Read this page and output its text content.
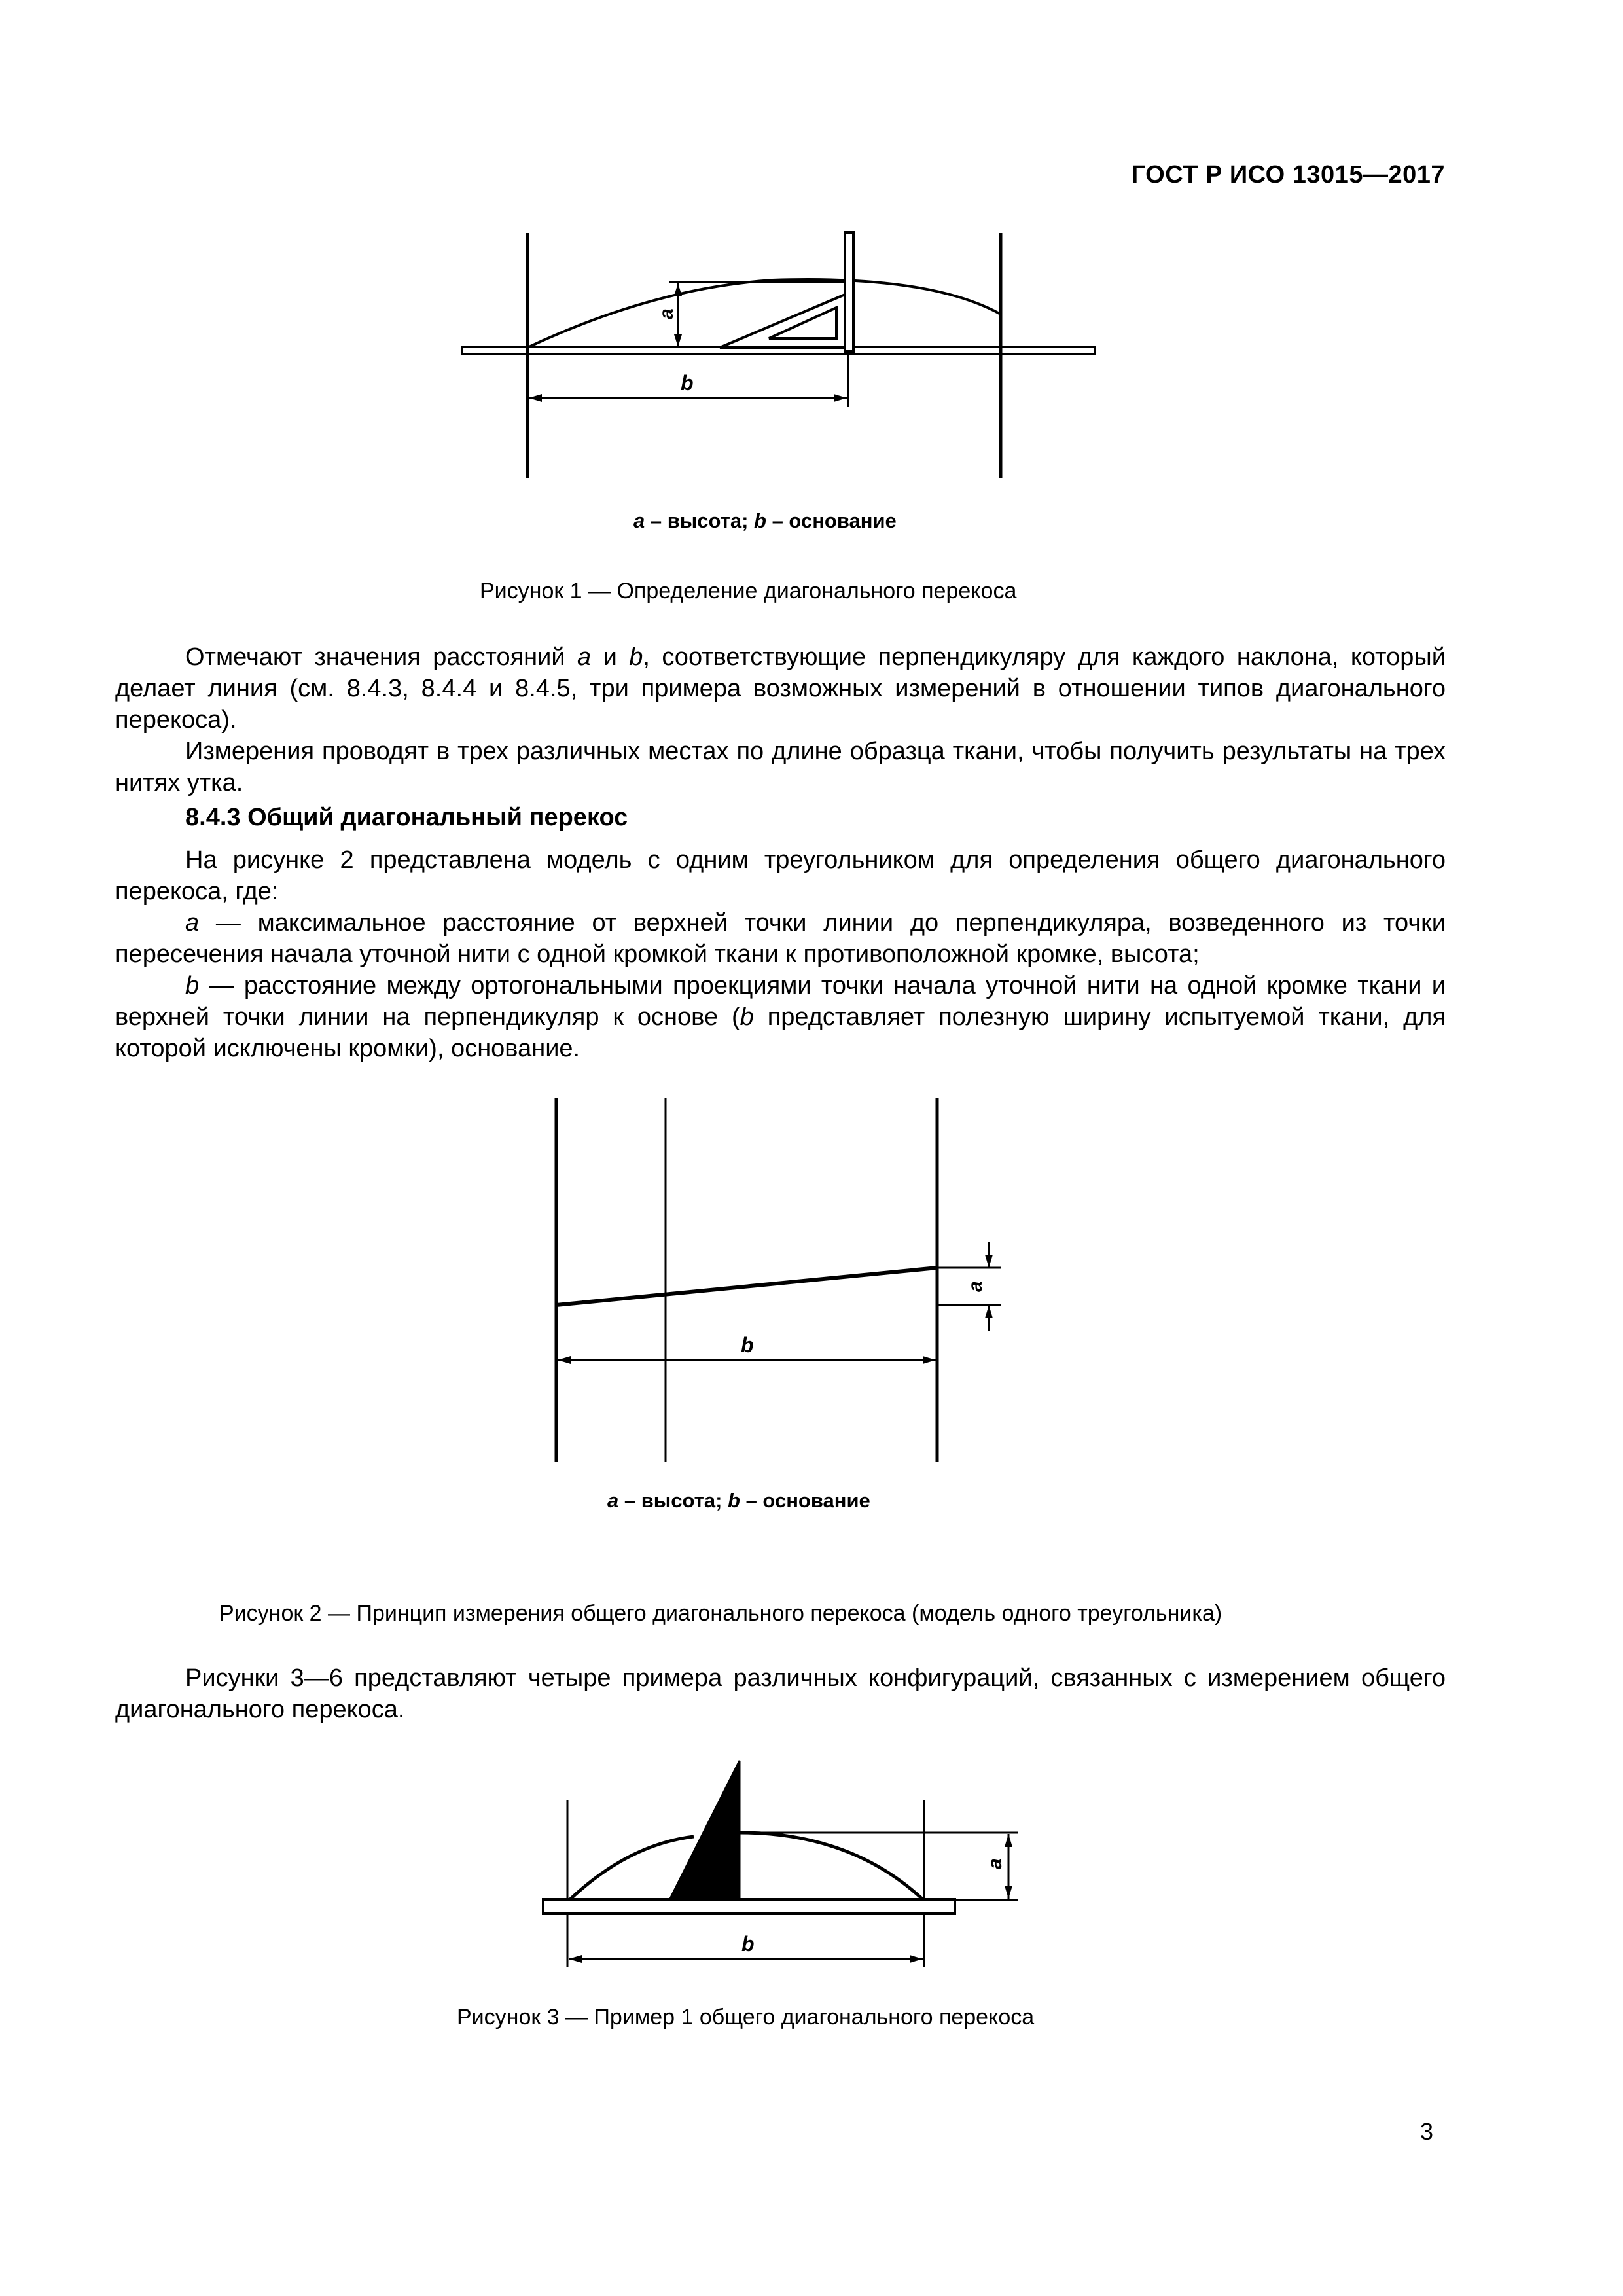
ГОСТ Р ИСО 13015—2017
a
b
a – высота; b – основание
Рисунок 1 — Определение диагонального перекоса

Отмечают значения расстояний a и b, соответствующие перпендикуляру для каждого наклона, который делает линия (см. 8.4.3, 8.4.4 и 8.4.5, три примера возможных измерений в отношении типов диагонального перекоса).

Измерения проводят в трех различных местах по длине образца ткани, чтобы получить результаты на трех нитях утка.

8.4.3 Общий диагональный перекос

На рисунке 2 представлена модель с одним треугольником для определения общего диагонального перекоса, где:

a — максимальное расстояние от верхней точки линии до перпендикуляра, возведенного из точки пересечения начала уточной нити с одной кромкой ткани к противоположной кромке, высота;

b — расстояние между ортогональными проекциями точки начала уточной нити на одной кромке ткани и верхней точки линии на перпендикуляр к основе (b представляет полезную ширину испытуемой ткани, для которой исключены кромки), основание.

a
b
a – высота; b – основание
Рисунок 2 — Принцип измерения общего диагонального перекоса (модель одного треугольника)

Рисунки 3—6 представляют четыре примера различных конфигураций, связанных с измерением общего диагонального перекоса.

a
b
Рисунок 3 — Пример 1 общего диагонального перекоса
3
